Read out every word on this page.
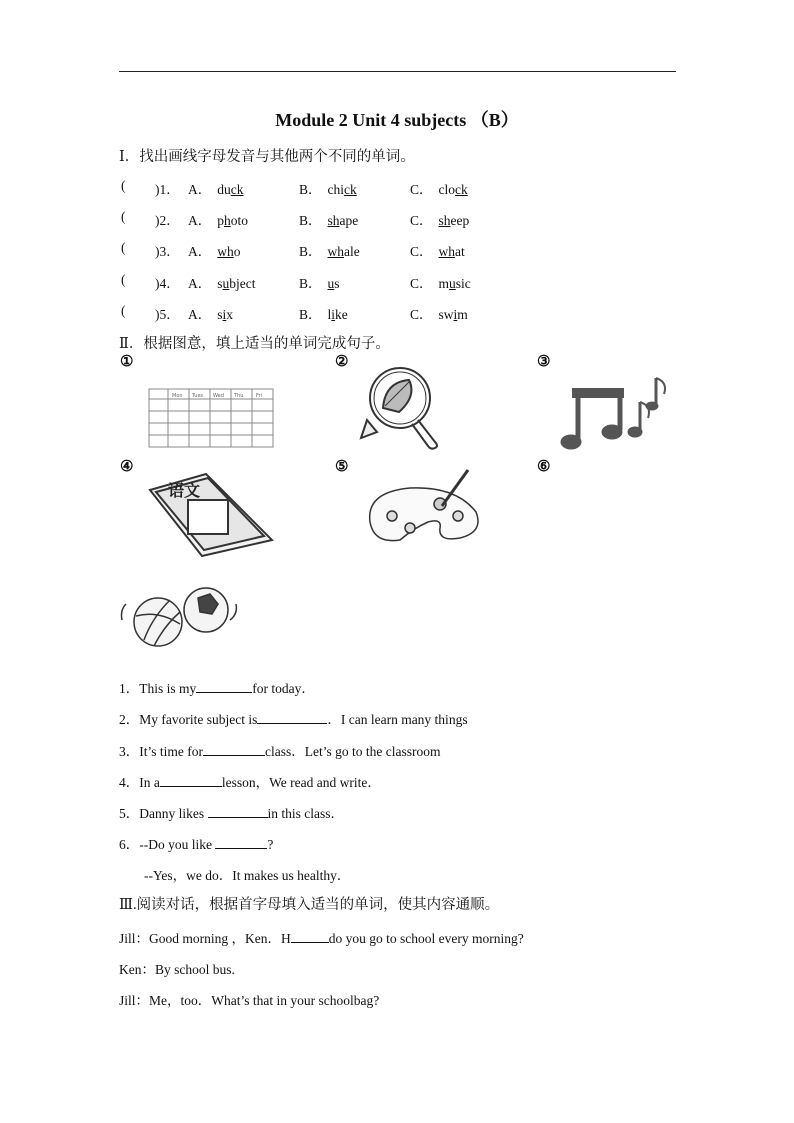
Module 2 Unit 4 subjects （B）
Ⅰ．找出画线字母发音与其他两个不同的单词。
( )1． A． duck	B． chick	C． clock
( )2． A． photo	B． shape	C． sheep
( )3． A． who	B． whale	C． what
( )4． A． subject	B． us	C． music
( )5． A． six	B． like	C． swim
Ⅱ．根据图意，填上适当的单词完成句子。
①	②	③
④	⑤	⑥
Mon Tues Wed Thu	Fri
语文
1．This is my	for today．
2．My favorite subject is	．I can learn many things
3．It’s time for	class．Let’s go to the classroom
4．In a	lesson，We read and write．
5．Danny likes	in this class．
6．--Do you like	?
--Yes，we do．It makes us healthy．
Ⅲ.阅读对话，根据首字母填入适当的单词，使其内容通顺。
Jill：Good morning ，Ken．H	do you go to school every morning?
Ken：By school bus.
Jill：Me，too．What’s that in your schoolbag?
